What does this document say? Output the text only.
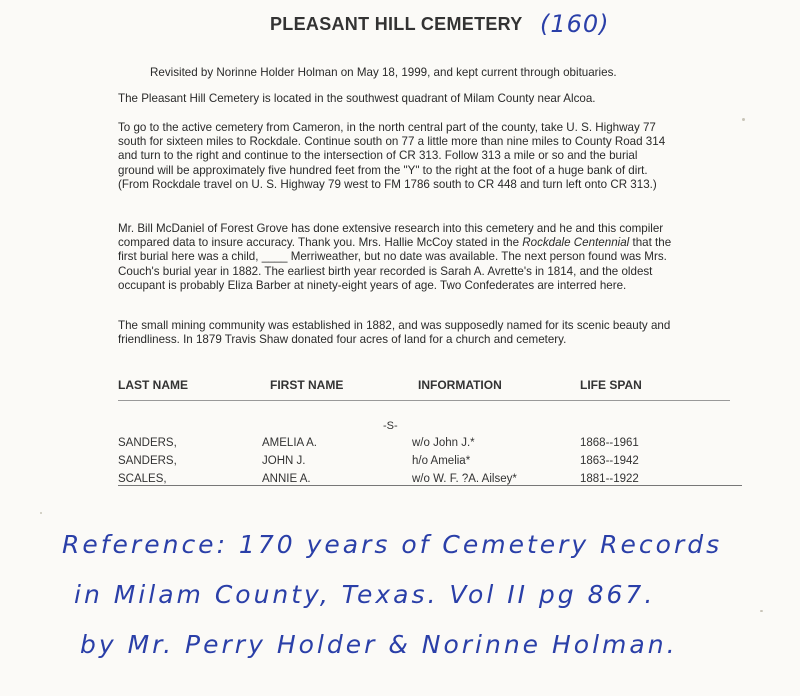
PLEASANT HILL CEMETERY (160)
Revisited by Norinne Holder Holman on May 18, 1999, and kept current through obituaries.
The Pleasant Hill Cemetery is located in the southwest quadrant of Milam County near Alcoa.
To go to the active cemetery from Cameron, in the north central part of the county, take U. S. Highway 77 south for sixteen miles to Rockdale. Continue south on 77 a little more than nine miles to County Road 314 and turn to the right and continue to the intersection of CR 313. Follow 313 a mile or so and the burial ground will be approximately five hundred feet from the "Y" to the right at the foot of a huge bank of dirt. (From Rockdale travel on U. S. Highway 79 west to FM 1786 south to CR 448 and turn left onto CR 313.)
Mr. Bill McDaniel of Forest Grove has done extensive research into this cemetery and he and this compiler compared data to insure accuracy. Thank you. Mrs. Hallie McCoy stated in the Rockdale Centennial that the first burial here was a child, ____ Merriweather, but no date was available. The next person found was Mrs. Couch's burial year in 1882. The earliest birth year recorded is Sarah A. Avrette's in 1814, and the oldest occupant is probably Eliza Barber at ninety-eight years of age. Two Confederates are interred here.
The small mining community was established in 1882, and was supposedly named for its scenic beauty and friendliness. In 1879 Travis Shaw donated four acres of land for a church and cemetery.
LAST NAME	FIRST NAME	INFORMATION	LIFE SPAN
-S-
SANDERS,	AMELIA A.	w/o John J.*	1868--1961
SANDERS,	JOHN J.	h/o Amelia*	1863--1942
SCALES,	ANNIE A.	w/o W. F. ?A. Ailsey*	1881--1922
Reference: 170 years of Cemetery Records
in Milam County, Texas. Vol II pg 867.
by Mr. Perry Holder & Norinne Holman.
